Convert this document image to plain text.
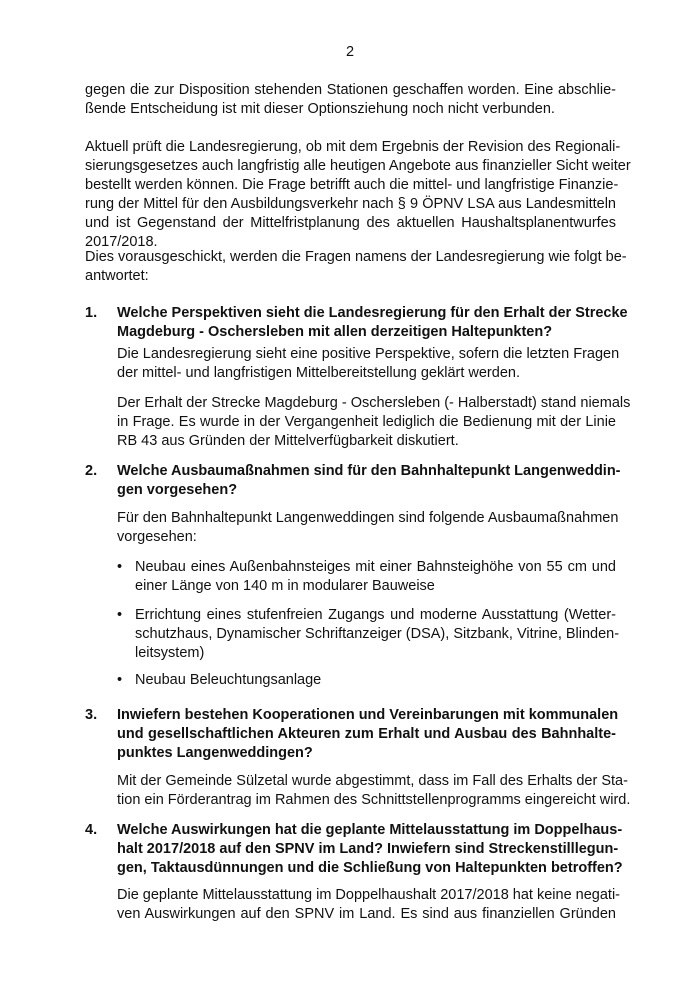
2
gegen die zur Disposition stehenden Stationen geschaffen worden. Eine abschlie-
ßende Entscheidung ist mit dieser Optionsziehung noch nicht verbunden.
Aktuell prüft die Landesregierung, ob mit dem Ergebnis der Revision des Regionali-
sierungsgesetzes auch langfristig alle heutigen Angebote aus finanzieller Sicht weiter
bestellt werden können. Die Frage betrifft auch die mittel- und langfristige Finanzie-
rung der Mittel für den Ausbildungsverkehr nach § 9 ÖPNV LSA aus Landesmitteln
und ist Gegenstand der Mittelfristplanung des aktuellen Haushaltsplanentwurfes
2017/2018.
Dies vorausgeschickt, werden die Fragen namens der Landesregierung wie folgt be-
antwortet:
1. Welche Perspektiven sieht die Landesregierung für den Erhalt der Strecke
Magdeburg - Oschersleben mit allen derzeitigen Haltepunkten?
Die Landesregierung sieht eine positive Perspektive, sofern die letzten Fragen
der mittel- und langfristigen Mittelbereitstellung geklärt werden.
Der Erhalt der Strecke Magdeburg - Oschersleben (- Halberstadt) stand niemals
in Frage. Es wurde in der Vergangenheit lediglich die Bedienung mit der Linie
RB 43 aus Gründen der Mittelverfügbarkeit diskutiert.
2. Welche Ausbaumaßnahmen sind für den Bahnhaltepunkt Langenweddin-
gen vorgesehen?
Für den Bahnhaltepunkt Langenweddingen sind folgende Ausbaumaßnahmen
vorgesehen:
• Neubau eines Außenbahnsteiges mit einer Bahnsteighöhe von 55 cm und
einer Länge von 140 m in modularer Bauweise
• Errichtung eines stufenfreien Zugangs und moderne Ausstattung (Wetter-
schutzhaus, Dynamischer Schriftanzeiger (DSA), Sitzbank, Vitrine, Blinden-
leitsystem)
• Neubau Beleuchtungsanlage
3. Inwiefern bestehen Kooperationen und Vereinbarungen mit kommunalen
und gesellschaftlichen Akteuren zum Erhalt und Ausbau des Bahnhalte-
punktes Langenweddingen?
Mit der Gemeinde Sülzetal wurde abgestimmt, dass im Fall des Erhalts der Sta-
tion ein Förderantrag im Rahmen des Schnittstellenprogramms eingereicht wird.
4. Welche Auswirkungen hat die geplante Mittelausstattung im Doppelhaus-
halt 2017/2018 auf den SPNV im Land? Inwiefern sind Streckenstilllegun-
gen, Taktausdünnungen und die Schließung von Haltepunkten betroffen?
Die geplante Mittelausstattung im Doppelhaushalt 2017/2018 hat keine negati-
ven Auswirkungen auf den SPNV im Land. Es sind aus finanziellen Gründen
